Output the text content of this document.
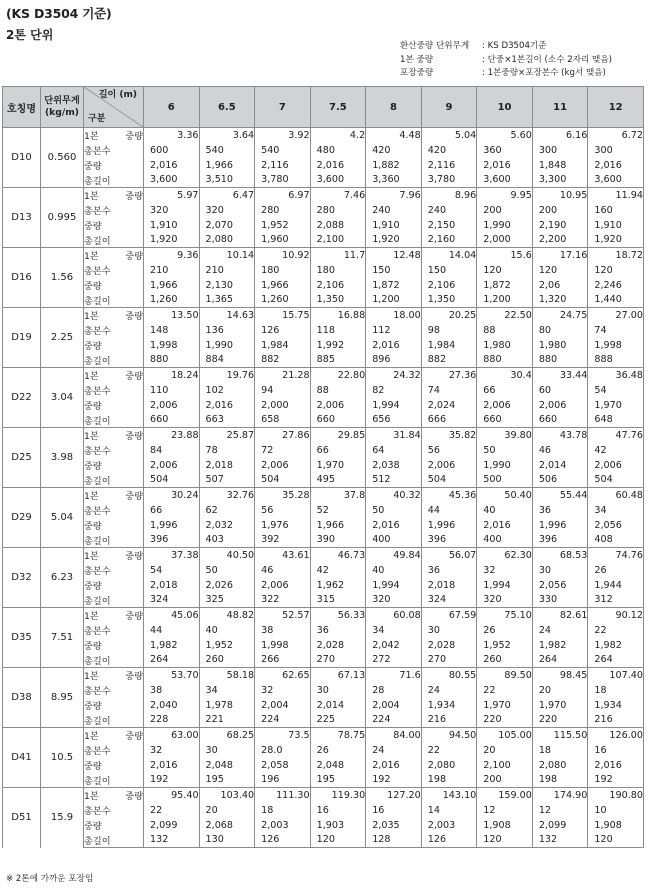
(KS D3504 기준)
2톤 단위
환산중량 단위무게	: KS D3504기준
1본 중량	: 단중×1본길이 (소수 2자리 맺음)
포장중량	: 1본중량×포장본수 (kg서 맺음)
호칭명	단위무게 (kg/m)	길이 (m)
구분	6	6.5	7	7.5	8	9	10	11	12
D10	0.560	1본 중량	3.36	3.64	3.92	4.2	4.48	5.04	5.60	6.16	6.72
		총본수	600	540	540	480	420	420	360	300	300
		중량	2,016	1,966	2,116	2,016	1,882	2,116	2,016	1,848	2,016
		총길이	3,600	3,510	3,780	3,600	3,360	3,780	3,600	3,300	3,600
D13	0.995	1본 중량	5.97	6.47	6.97	7.46	7.96	8.96	9.95	10.95	11.94
		총본수	320	320	280	280	240	240	200	200	160
		중량	1,910	2,070	1,952	2,088	1,910	2,150	1,990	2,190	1,910
		총길이	1,920	2,080	1,960	2,100	1,920	2,160	2,000	2,200	1,920
D16	1.56	1본 중량	9.36	10.14	10.92	11.7	12.48	14.04	15.6	17.16	18.72
		총본수	210	210	180	180	150	150	120	120	120
		중량	1,966	2,130	1,966	2,106	1,872	2,106	1,872	2,06	2,246
		총길이	1,260	1,365	1,260	1,350	1,200	1,350	1,200	1,320	1,440
D19	2.25	1본 중량	13.50	14.63	15.75	16.88	18.00	20.25	22.50	24.75	27.00
		총본수	148	136	126	118	112	98	88	80	74
		중량	1,998	1,990	1,984	1,992	2,016	1,984	1,980	1,980	1,998
		총길이	880	884	882	885	896	882	880	880	888
D22	3.04	1본 중량	18.24	19.76	21.28	22.80	24.32	27.36	30.4	33.44	36.48
		총본수	110	102	94	88	82	74	66	60	54
		중량	2,006	2,016	2,000	2,006	1,994	2,024	2,006	2,006	1,970
		총길이	660	663	658	660	656	666	660	660	648
D25	3.98	1본 중량	23.88	25.87	27.86	29.85	31.84	35.82	39.80	43.78	47.76
		총본수	84	78	72	66	64	56	50	46	42
		중량	2,006	2,018	2,006	1,970	2,038	2,006	1,990	2,014	2,006
		총길이	504	507	504	495	512	504	500	506	504
D29	5.04	1본 중량	30.24	32.76	35.28	37.8	40.32	45.36	50.40	55.44	60.48
		총본수	66	62	56	52	50	44	40	36	34
		중량	1,996	2,032	1,976	1,966	2,016	1,996	2,016	1,996	2,056
		총길이	396	403	392	390	400	396	400	396	408
D32	6.23	1본 중량	37.38	40.50	43.61	46.73	49.84	56.07	62.30	68.53	74.76
		총본수	54	50	46	42	40	36	32	30	26
		중량	2,018	2,026	2,006	1,962	1,994	2,018	1,994	2,056	1,944
		총길이	324	325	322	315	320	324	320	330	312
D35	7.51	1본 중량	45.06	48.82	52.57	56.33	60.08	67.59	75.10	82.61	90.12
		총본수	44	40	38	36	34	30	26	24	22
		중량	1,982	1,952	1,998	2,028	2,042	2,028	1,952	1,982	1,982
		총길이	264	260	266	270	272	270	260	264	264
D38	8.95	1본 중량	53.70	58.18	62.65	67.13	71.6	80.55	89.50	98.45	107.40
		총본수	38	34	32	30	28	24	22	20	18
		중량	2,040	1,978	2,004	2,014	2,004	1,934	1,970	1,970	1,934
		총길이	228	221	224	225	224	216	220	220	216
D41	10.5	1본 중량	63.00	68.25	73.5	78.75	84.00	94.50	105.00	115.50	126.00
		총본수	32	30	28.0	26	24	22	20	18	16
		중량	2,016	2,048	2,058	2,048	2,016	2,080	2,100	2,080	2,016
		총길이	192	195	196	195	192	198	200	198	192
D51	15.9	1본 중량	95.40	103.40	111.30	119.30	127.20	143.10	159.00	174.90	190.80
		총본수	22	20	18	16	16	14	12	12	10
		중량	2,099	2,068	2,003	1,903	2,035	2,003	1,908	2,099	1,908
		총길이	132	130	126	120	128	126	120	132	120
※ 2톤에 가까운 포장임
